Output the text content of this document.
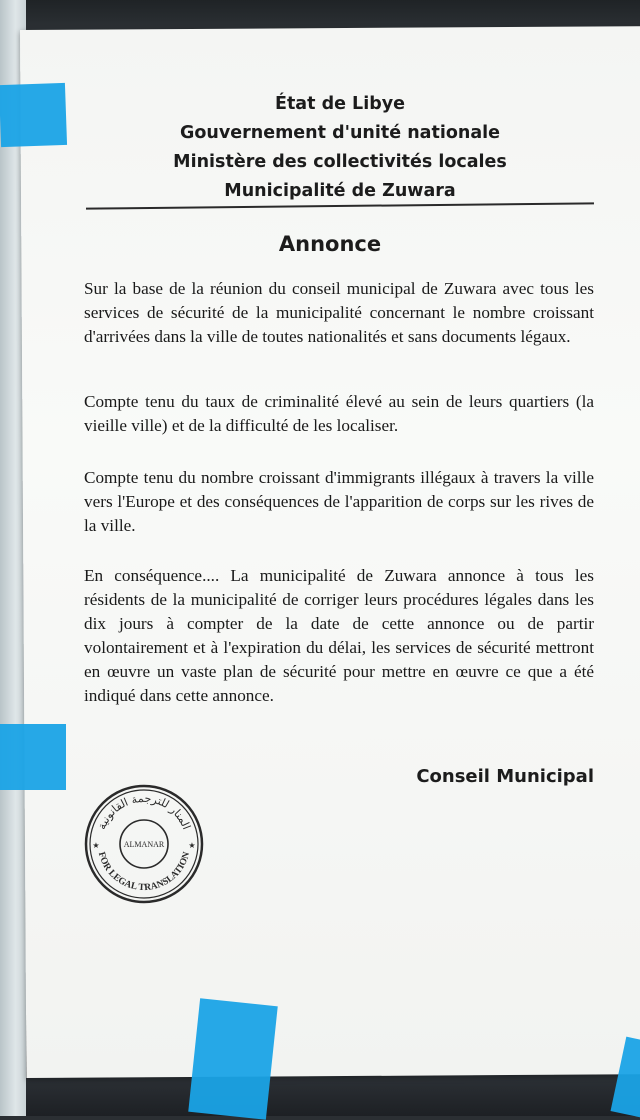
État de Libye
Gouvernement d'unité nationale
Ministère des collectivités locales
Municipalité de Zuwara
Annonce
Sur la base de la réunion du conseil municipal de Zuwara avec tous les services de sécurité de la municipalité concernant le nombre croissant d'arrivées dans la ville de toutes nationalités et sans documents légaux.
Compte tenu du taux de criminalité élevé au sein de leurs quartiers (la vieille ville) et de la difficulté de les localiser.
Compte tenu du nombre croissant d'immigrants illégaux à travers la ville vers l'Europe et des conséquences de l'apparition de corps sur les rives de la ville.
En conséquence.... La municipalité de Zuwara annonce à tous les résidents de la municipalité de corriger leurs procédures légales dans les dix jours à compter de la date de cette annonce ou de partir volontairement et à l'expiration du délai, les services de sécurité mettront en œuvre un vaste plan de sécurité pour mettre en œuvre ce que a été indiqué dans cette annonce.
Conseil Municipal
المنار للترجمة القانونية
FOR LEGAL TRANSLATION
ALMANAR
★	★
